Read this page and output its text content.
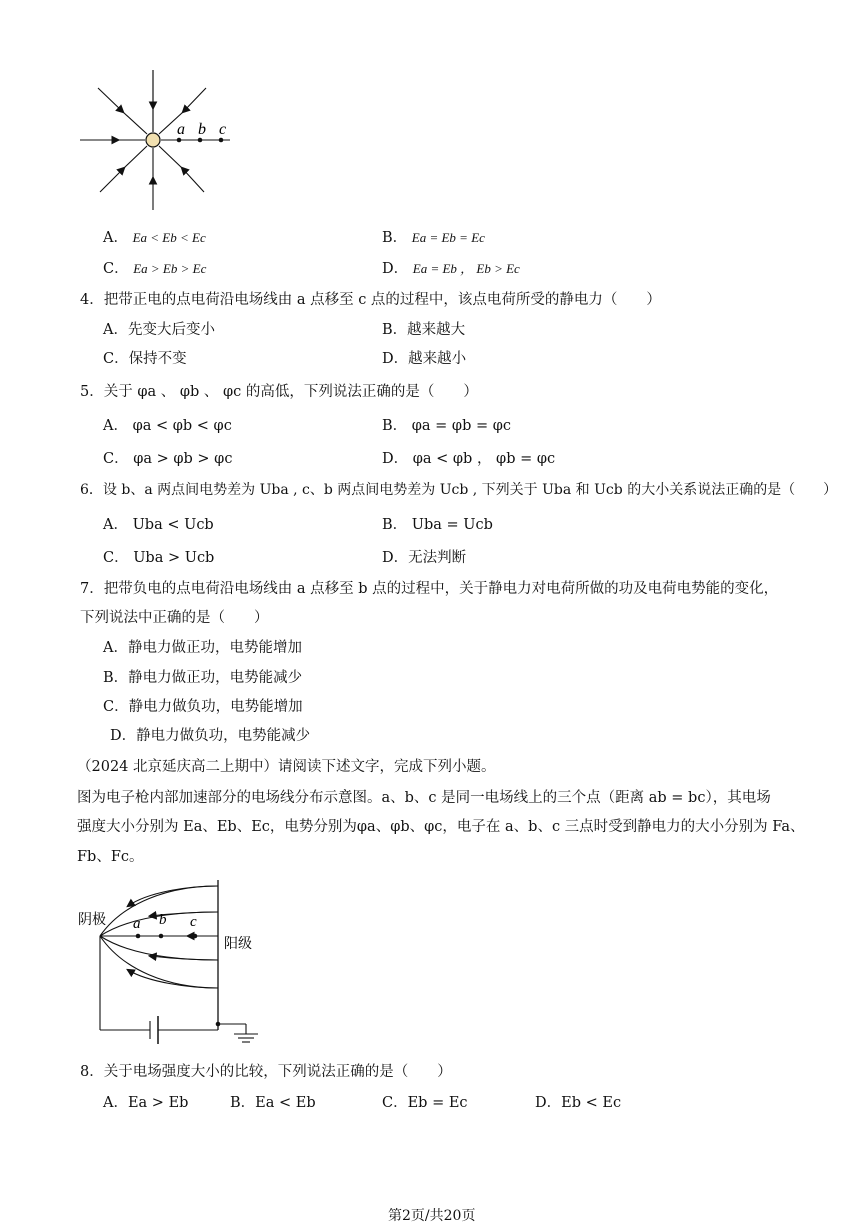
a b c
A． Ea < Eb < Ec	B． Ea = Eb = Ec
C． Ea > Eb > Ec	D． Ea = Eb ， Eb > Ec
4．把带正电的点电荷沿电场线由 a 点移至 c 点的过程中，该点电荷所受的静电力（　　）
A．先变大后变小	B．越来越大
C．保持不变	D．越来越小
5．关于 φa 、 φb 、 φc 的高低，下列说法正确的是（　　）
A． φa < φb < φc	B． φa = φb = φc
C． φa > φb > φc	D． φa < φb ， φb = φc
6．设 b、a 两点间电势差为 Uba , c、b 两点间电势差为 Ucb , 下列关于 Uba 和 Ucb 的大小关系说法正确的是（　　）
A． Uba < Ucb	B． Uba = Ucb
C． Uba > Ucb	D．无法判断
7．把带负电的点电荷沿电场线由 a 点移至 b 点的过程中，关于静电力对电荷所做的功及电荷电势能的变化，
下列说法中正确的是（　　）
A．静电力做正功，电势能增加
B．静电力做正功，电势能减少
C．静电力做负功，电势能增加
D．静电力做负功，电势能减少
（2024 北京延庆高二上期中）请阅读下述文字，完成下列小题。
图为电子枪内部加速部分的电场线分布示意图。a、b、c 是同一电场线上的三个点（距离 ab = bc），其电场
强度大小分别为 Ea、Eb、Ec，电势分别为φa、φb、φc，电子在 a、b、c 三点时受到静电力的大小分别为 Fa、
Fb、Fc。
a b c
阴极
阳级
8．关于电场强度大小的比较，下列说法正确的是（　　）
A．Ea > Eb	B．Ea < Eb	C．Eb = Ec	D．Eb < Ec
第2页/共20页
